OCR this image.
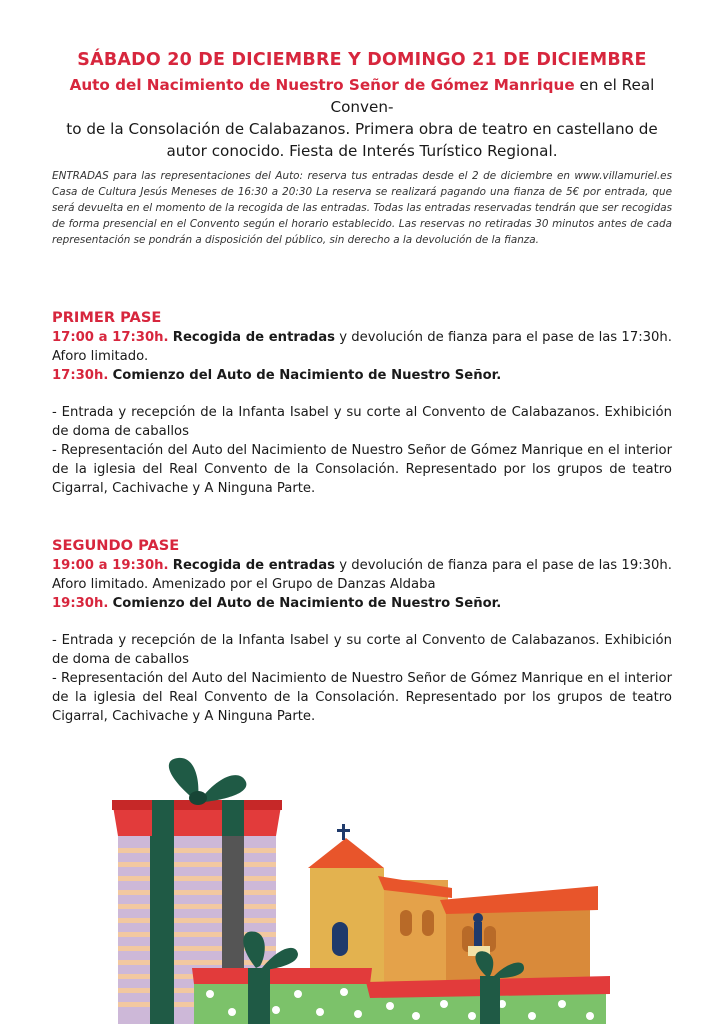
SÁBADO 20 DE DICIEMBRE Y DOMINGO 21 DE DICIEMBRE
Auto del Nacimiento de Nuestro Señor de Gómez Manrique en el Real Conven-
to de la Consolación de Calabazanos. Primera obra de teatro en castellano de
autor conocido. Fiesta de Interés Turístico Regional.
ENTRADAS para las representaciones del Auto: reserva tus entradas desde el 2 de diciembre en www.villamuriel.es Casa de Cultura Jesús Meneses de 16:30 a 20:30 La reserva se realizará pagando una fianza de 5€ por entrada, que será devuelta en el momento de la recogida de las entradas. Todas las entradas reservadas tendrán que ser recogidas de forma presencial en el Convento según el horario establecido. Las reservas no retiradas 30 minutos antes de cada representación se pondrán a disposición del público, sin derecho a la devolución de la fianza.
PRIMER PASE
17:00 a 17:30h. Recogida de entradas y devolución de fianza para el pase de las 17:30h. Aforo limitado.
17:30h. Comienzo del Auto de Nacimiento de Nuestro Señor.
- Entrada y recepción de la Infanta Isabel y su corte al Convento de Calabazanos. Exhibición de doma de caballos
- Representación del Auto del Nacimiento de Nuestro Señor de Gómez Manrique en el interior de la iglesia del Real Convento de la Consolación. Representado por los grupos de teatro Cigarral, Cachivache y A Ninguna Parte.
SEGUNDO PASE
19:00 a 19:30h. Recogida de entradas y devolución de fianza para el pase de las 19:30h. Aforo limitado. Amenizado por el Grupo de Danzas Aldaba
19:30h. Comienzo del Auto de Nacimiento de Nuestro Señor.
- Entrada y recepción de la Infanta Isabel y su corte al Convento de Calabazanos. Exhibición de doma de caballos
- Representación del Auto del Nacimiento de Nuestro Señor de Gómez Manrique en el interior de la iglesia del Real Convento de la Consolación. Representado por los grupos de teatro Cigarral, Cachivache y A Ninguna Parte.
